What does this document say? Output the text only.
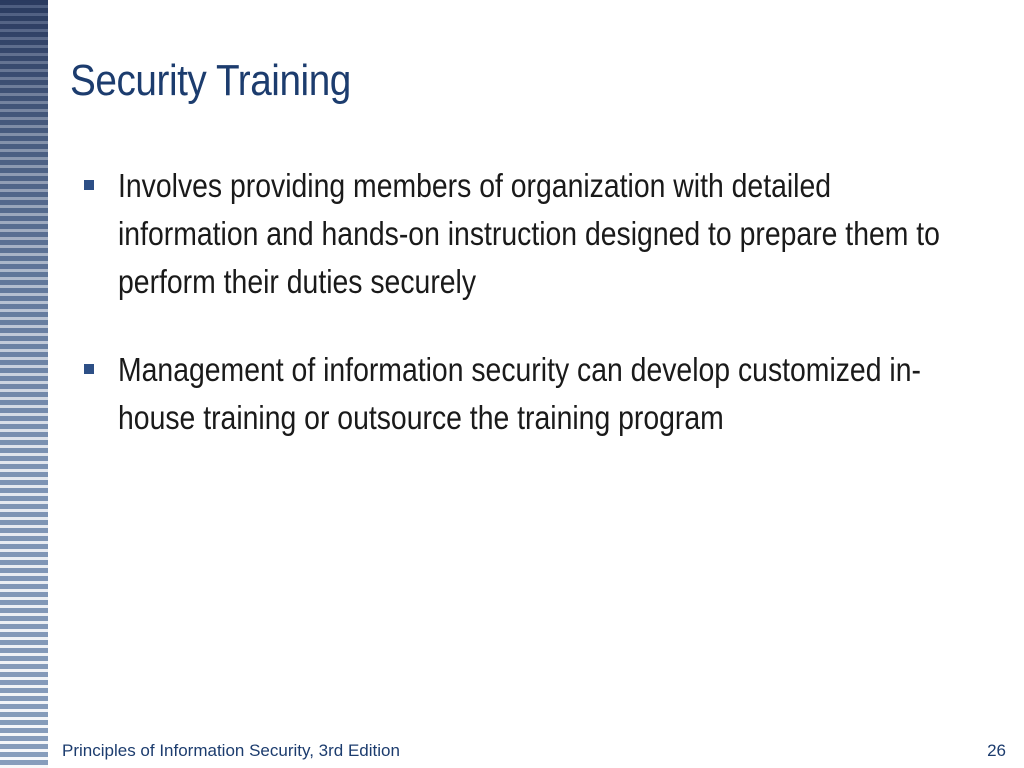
Security Training
Involves providing members of organization with detailed information and hands-on instruction designed to prepare them to perform their duties securely
Management of information security can develop customized in-house training or outsource the training program
Principles of Information Security, 3rd Edition	26
